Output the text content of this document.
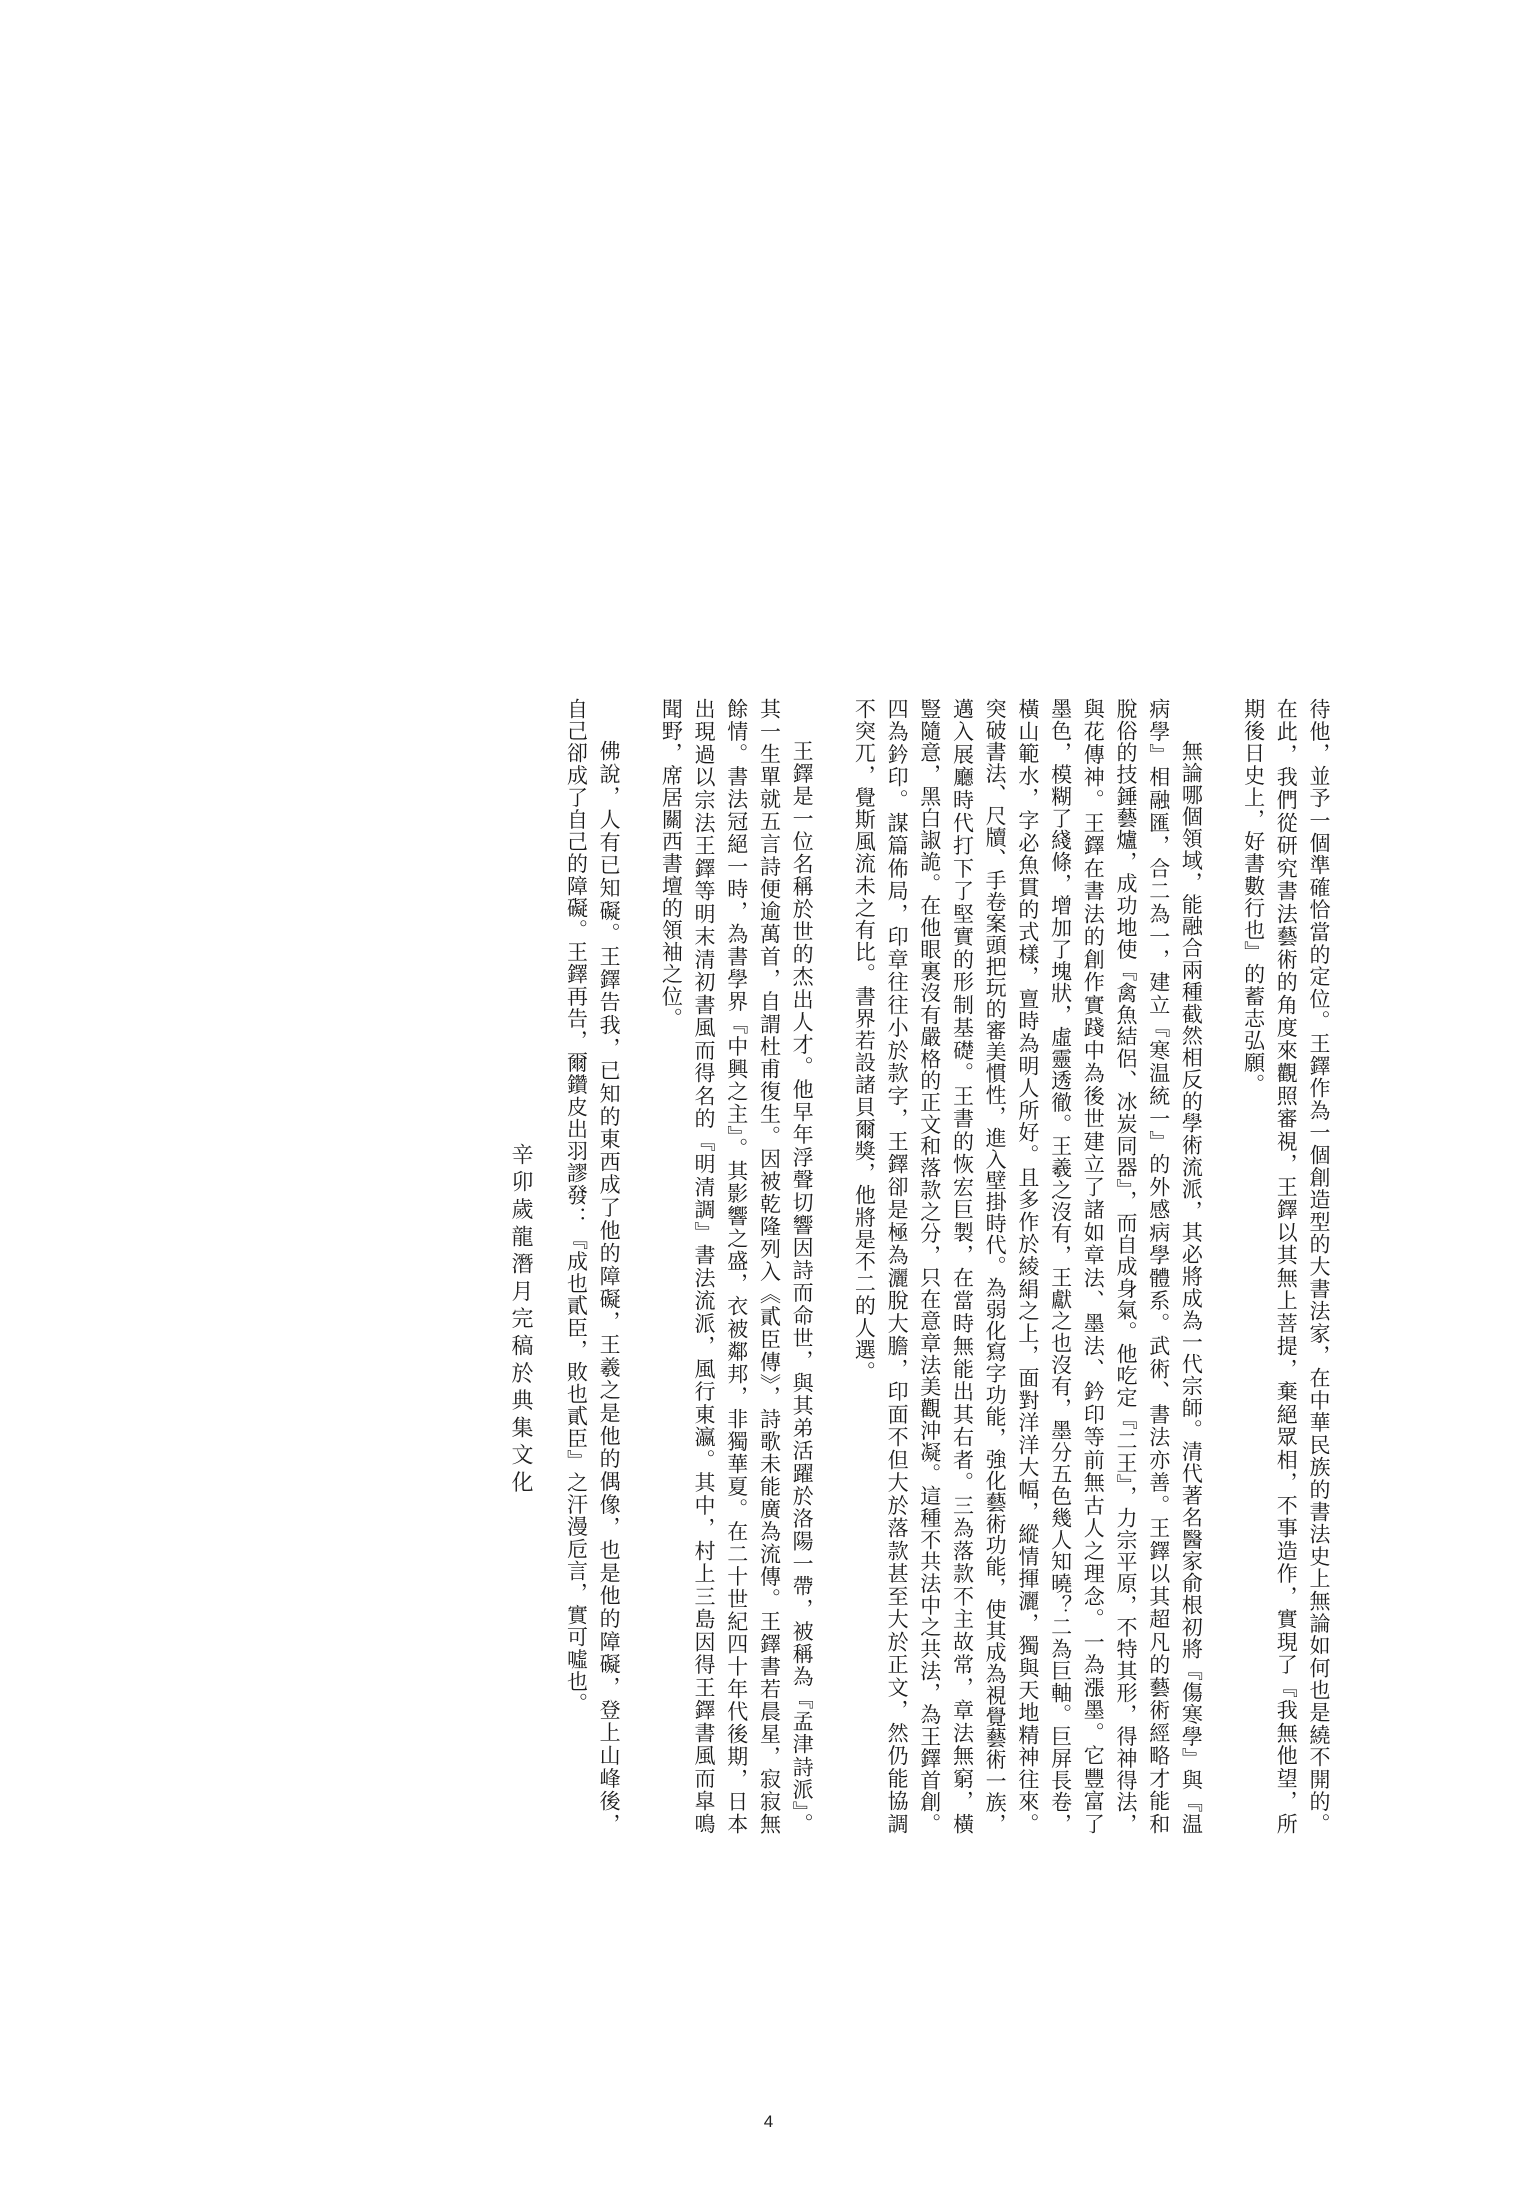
待他，並予一個準確恰當的定位。王鐸作為一個創造型的大書法家，在中華民族的書法史上無論如何也是繞不開的。
在此，我們從研究書法藝術的角度來觀照審視，王鐸以其無上菩提，棄絕眾相，不事造作，實現了『我無他望，所
期後日史上，好書數行也』的蓄志弘願。
無論哪個領域，能融合兩種截然相反的學術流派，其必將成為一代宗師。清代著名醫家俞根初將『傷寒學』與『温
病學』相融匯，合二為一，建立『寒温統一』的外感病學體系。武術、書法亦善。王鐸以其超凡的藝術經略才能和
脫俗的技錘藝爐，成功地使『禽魚結侶、冰炭同器』，而自成身氣。他吃定『二王』，力宗平原，不特其形，得神得法，
與花傳神。王鐸在書法的創作實踐中為後世建立了諸如章法、墨法、鈐印等前無古人之理念。一為漲墨。它豐富了
墨色，模糊了綫條，增加了塊狀，虛靈透徹。王羲之沒有，王獻之也沒有，墨分五色幾人知曉？二為巨軸。巨屏長卷，
橫山範水，字必魚貫的式樣，亶時為明人所好。且多作於綾絹之上，面對洋洋大幅，縱情揮灑，獨與天地精神往來。
突破書法、尺牘、手卷案頭把玩的審美慣性，進入壁掛時代。為弱化寫字功能，強化藝術功能，使其成為視覺藝術一族，
邁入展廳時代打下了堅實的形制基礎。王書的恢宏巨製，在當時無能出其右者。三為落款不主故常，章法無窮，橫
豎隨意，黑白諔詭。在他眼裏沒有嚴格的正文和落款之分，只在意章法美觀沖凝。這種不共法中之共法，為王鐸首創。
四為鈐印。謀篇佈局，印章往往小於款字，王鐸卻是極為灑脫大膽，印面不但大於落款甚至大於正文，然仍能協調
不突兀，覺斯風流未之有比。書界若設諸貝爾獎，他將是不二的人選。
王鐸是一位名稱於世的杰出人才。他早年浮聲切響因詩而命世，與其弟活躍於洛陽一帶，被稱為『孟津詩派』。
其一生單就五言詩便逾萬首，自謂杜甫復生。因被乾隆列入《貳臣傳》，詩歌未能廣為流傳。王鐸書若晨星，寂寂無
餘情。書法冠絕一時，為書學界『中興之主』。其影響之盛，衣被鄰邦，非獨華夏。在二十世紀四十年代後期，日本
出現過以宗法王鐸等明末清初書風而得名的『明清調』書法流派，風行東瀛。其中，村上三島因得王鐸書風而皐鳴
聞野，席居關西書壇的領袖之位。
佛說，人有已知礙。王鐸告我，已知的東西成了他的障礙，王羲之是他的偶像，也是他的障礙，登上山峰後，
自己卻成了自己的障礙。王鐸再告，爾鑽皮出羽謬發：『成也貳臣，敗也貳臣』之汗漫卮言，實可噓也。
辛卯歲龍潛月完稿於典集文化
4
